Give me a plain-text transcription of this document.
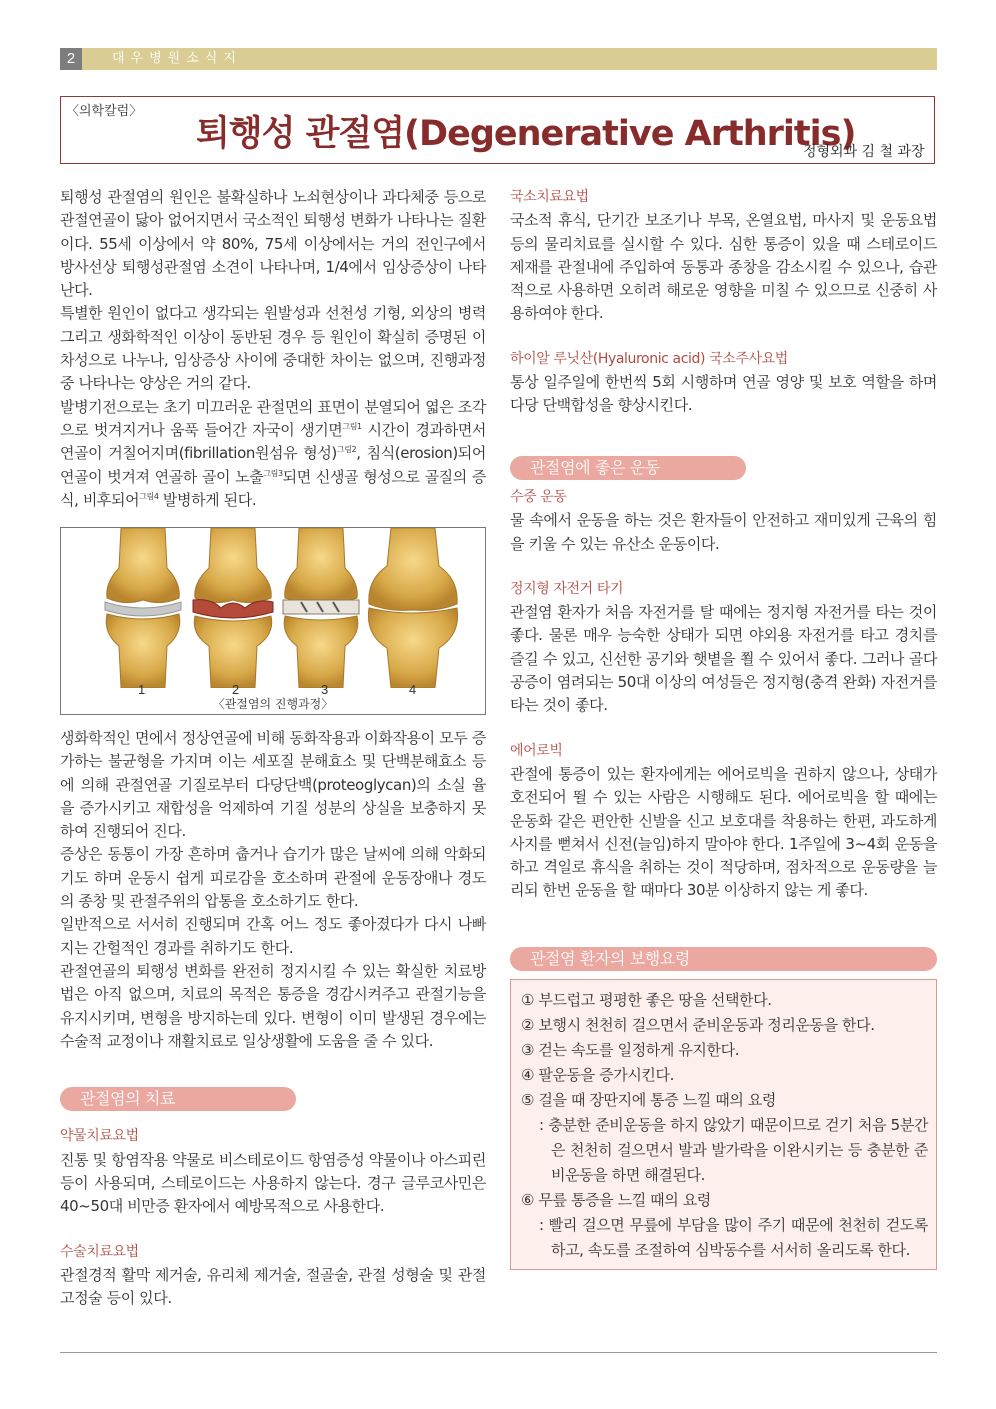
2	대우병원소식지
〈의학칼럼〉
퇴행성 관절염(Degenerative Arthritis)
정형외과 김 철 과장

퇴행성 관절염의 원인은 불확실하나 노쇠현상이나 과다체중 등으로 관절연골이 닳아 없어지면서 국소적인 퇴행성 변화가 나타나는 질환이다. 55세 이상에서 약 80%, 75세 이상에서는 거의 전인구에서 방사선상 퇴행성관절염 소견이 나타나며, 1/4에서 임상증상이 나타난다.

특별한 원인이 없다고 생각되는 원발성과 선천성 기형, 외상의 병력 그리고 생화학적인 이상이 동반된 경우 등 원인이 확실히 증명된 이차성으로 나누나, 임상증상 사이에 중대한 차이는 없으며, 진행과정 중 나타나는 양상은 거의 같다.

발병기전으로는 초기 미끄러운 관절면의 표면이 분열되어 엷은 조각으로 벗겨지거나 움푹 들어간 자국이 생기면$^{그림1}$ 시간이 경과하면서 연골이 거칠어지며(fibrillation원섬유 형성)$^{그림2}$, 침식(erosion)되어 연골이 벗겨져 연골하 골이 노출$^{그림3}$되면 신생골 형성으로 골질의 증식, 비후되어$^{그림4}$ 발병하게 된다.

1	2	3	4
〈관절염의 진행과정〉

생화학적인 면에서 정상연골에 비해 동화작용과 이화작용이 모두 증가하는 불균형을 가지며 이는 세포질 분해효소 및 단백분해효소 등에 의해 관절연골 기질로부터 다당단백(proteoglycan)의 소실 율을 증가시키고 재합성을 억제하여 기질 성분의 상실을 보충하지 못하여 진행되어 진다.

증상은 동통이 가장 흔하며 춥거나 습기가 많은 날씨에 의해 악화되기도 하며 운동시 쉽게 피로감을 호소하며 관절에 운동장애나 경도의 종창 및 관절주위의 압통을 호소하기도 한다.

일반적으로 서서히 진행되며 간혹 어느 정도 좋아졌다가 다시 나빠지는 간헐적인 경과를 취하기도 한다.

관절연골의 퇴행성 변화를 완전히 정지시킬 수 있는 확실한 치료방법은 아직 없으며, 치료의 목적은 통증을 경감시켜주고 관절기능을 유지시키며, 변형을 방지하는데 있다. 변형이 이미 발생된 경우에는 수술적 교정이나 재활치료로 일상생활에 도움을 줄 수 있다.

관절염의 치료
약물치료요법

진통 및 항염작용 약물로 비스테로이드 항염증성 약물이나 아스피린 등이 사용되며, 스테로이드는 사용하지 않는다. 경구 글루코사민은 40~50대 비만증 환자에서 예방목적으로 사용한다.

수술치료요법

관절경적 활막 제거술, 유리체 제거술, 절골술, 관절 성형술 및 관절 고정술 등이 있다.

국소치료요법

국소적 휴식, 단기간 보조기나 부목, 온열요법, 마사지 및 운동요법 등의 물리치료를 실시할 수 있다. 심한 통증이 있을 때 스테로이드 제재를 관절내에 주입하여 동통과 종창을 감소시킬 수 있으나, 습관적으로 사용하면 오히려 해로운 영향을 미칠 수 있으므로 신중히 사용하여야 한다.

하이알 루닛산(Hyaluronic acid) 국소주사요법

통상 일주일에 한번씩 5회 시행하며 연골 영양 및 보호 역할을 하며 다당 단백합성을 향상시킨다.

관절염에 좋은 운동
수중 운동

물 속에서 운동을 하는 것은 환자들이 안전하고 재미있게 근육의 힘을 키울 수 있는 유산소 운동이다.

정지형 자전거 타기

관절염 환자가 처음 자전거를 탈 때에는 정지형 자전거를 타는 것이 좋다. 물론 매우 능숙한 상태가 되면 야외용 자전거를 타고 경치를 즐길 수 있고, 신선한 공기와 햇볕을 쬘 수 있어서 좋다. 그러나 골다공증이 염려되는 50대 이상의 여성들은 정지형(충격 완화) 자전거를 타는 것이 좋다.

에어로빅

관절에 통증이 있는 환자에게는 에어로빅을 권하지 않으나, 상태가 호전되어 뛸 수 있는 사람은 시행해도 된다. 에어로빅을 할 때에는 운동화 같은 편안한 신발을 신고 보호대를 착용하는 한편, 과도하게 사지를 뻗쳐서 신전(늘임)하지 말아야 한다. 1주일에 3~4회 운동을 하고 격일로 휴식을 취하는 것이 적당하며, 점차적으로 운동량을 늘리되 한번 운동을 할 때마다 30분 이상하지 않는 게 좋다.

관절염 환자의 보행요령

① 부드럽고 평평한 좋은 땅을 선택한다.

② 보행시 천천히 걸으면서 준비운동과 정리운동을 한다.

③ 걷는 속도를 일정하게 유지한다.

④ 팔운동을 증가시킨다.

⑤ 걸을 때 장딴지에 통증 느낄 때의 요령

: 충분한 준비운동을 하지 않았기 때문이므로 걷기 처음 5분간은 천천히 걸으면서 발과 발가락을 이완시키는 등 충분한 준비운동을 하면 해결된다.

⑥ 무릎 통증을 느낄 때의 요령

: 빨리 걸으면 무릎에 부담을 많이 주기 때문에 천천히 걷도록 하고, 속도를 조절하여 심박동수를 서서히 올리도록 한다.
